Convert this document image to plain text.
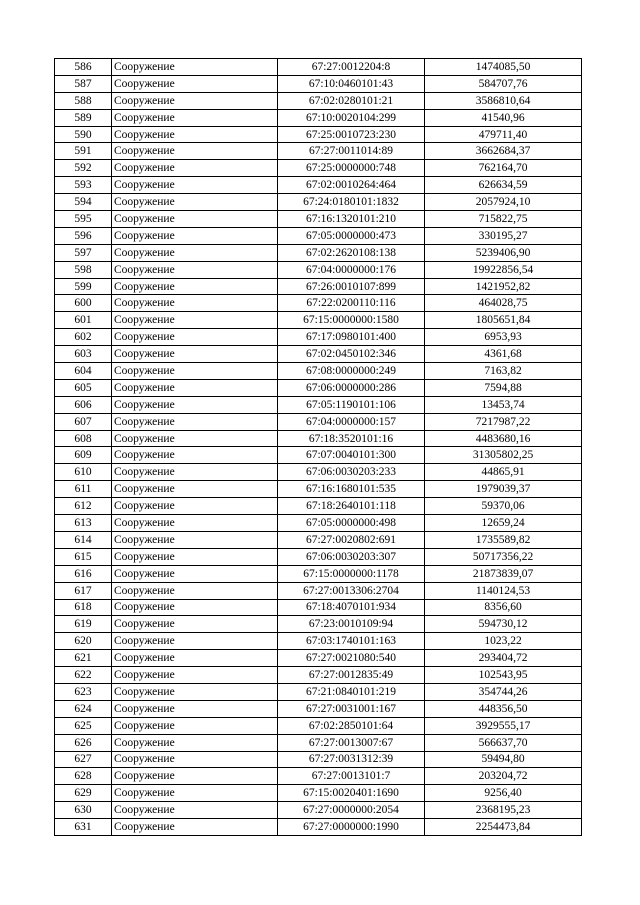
586	Сооружение	67:27:0012204:8	1474085,50
587	Сооружение	67:10:0460101:43	584707,76
588	Сооружение	67:02:0280101:21	3586810,64
589	Сооружение	67:10:0020104:299	41540,96
590	Сооружение	67:25:0010723:230	479711,40
591	Сооружение	67:27:0011014:89	3662684,37
592	Сооружение	67:25:0000000:748	762164,70
593	Сооружение	67:02:0010264:464	626634,59
594	Сооружение	67:24:0180101:1832	2057924,10
595	Сооружение	67:16:1320101:210	715822,75
596	Сооружение	67:05:0000000:473	330195,27
597	Сооружение	67:02:2620108:138	5239406,90
598	Сооружение	67:04:0000000:176	19922856,54
599	Сооружение	67:26:0010107:899	1421952,82
600	Сооружение	67:22:0200110:116	464028,75
601	Сооружение	67:15:0000000:1580	1805651,84
602	Сооружение	67:17:0980101:400	6953,93
603	Сооружение	67:02:0450102:346	4361,68
604	Сооружение	67:08:0000000:249	7163,82
605	Сооружение	67:06:0000000:286	7594,88
606	Сооружение	67:05:1190101:106	13453,74
607	Сооружение	67:04:0000000:157	7217987,22
608	Сооружение	67:18:3520101:16	4483680,16
609	Сооружение	67:07:0040101:300	31305802,25
610	Сооружение	67:06:0030203:233	44865,91
611	Сооружение	67:16:1680101:535	1979039,37
612	Сооружение	67:18:2640101:118	59370,06
613	Сооружение	67:05:0000000:498	12659,24
614	Сооружение	67:27:0020802:691	1735589,82
615	Сооружение	67:06:0030203:307	50717356,22
616	Сооружение	67:15:0000000:1178	21873839,07
617	Сооружение	67:27:0013306:2704	1140124,53
618	Сооружение	67:18:4070101:934	8356,60
619	Сооружение	67:23:0010109:94	594730,12
620	Сооружение	67:03:1740101:163	1023,22
621	Сооружение	67:27:0021080:540	293404,72
622	Сооружение	67:27:0012835:49	102543,95
623	Сооружение	67:21:0840101:219	354744,26
624	Сооружение	67:27:0031001:167	448356,50
625	Сооружение	67:02:2850101:64	3929555,17
626	Сооружение	67:27:0013007:67	566637,70
627	Сооружение	67:27:0031312:39	59494,80
628	Сооружение	67:27:0013101:7	203204,72
629	Сооружение	67:15:0020401:1690	9256,40
630	Сооружение	67:27:0000000:2054	2368195,23
631	Сооружение	67:27:0000000:1990	2254473,84
